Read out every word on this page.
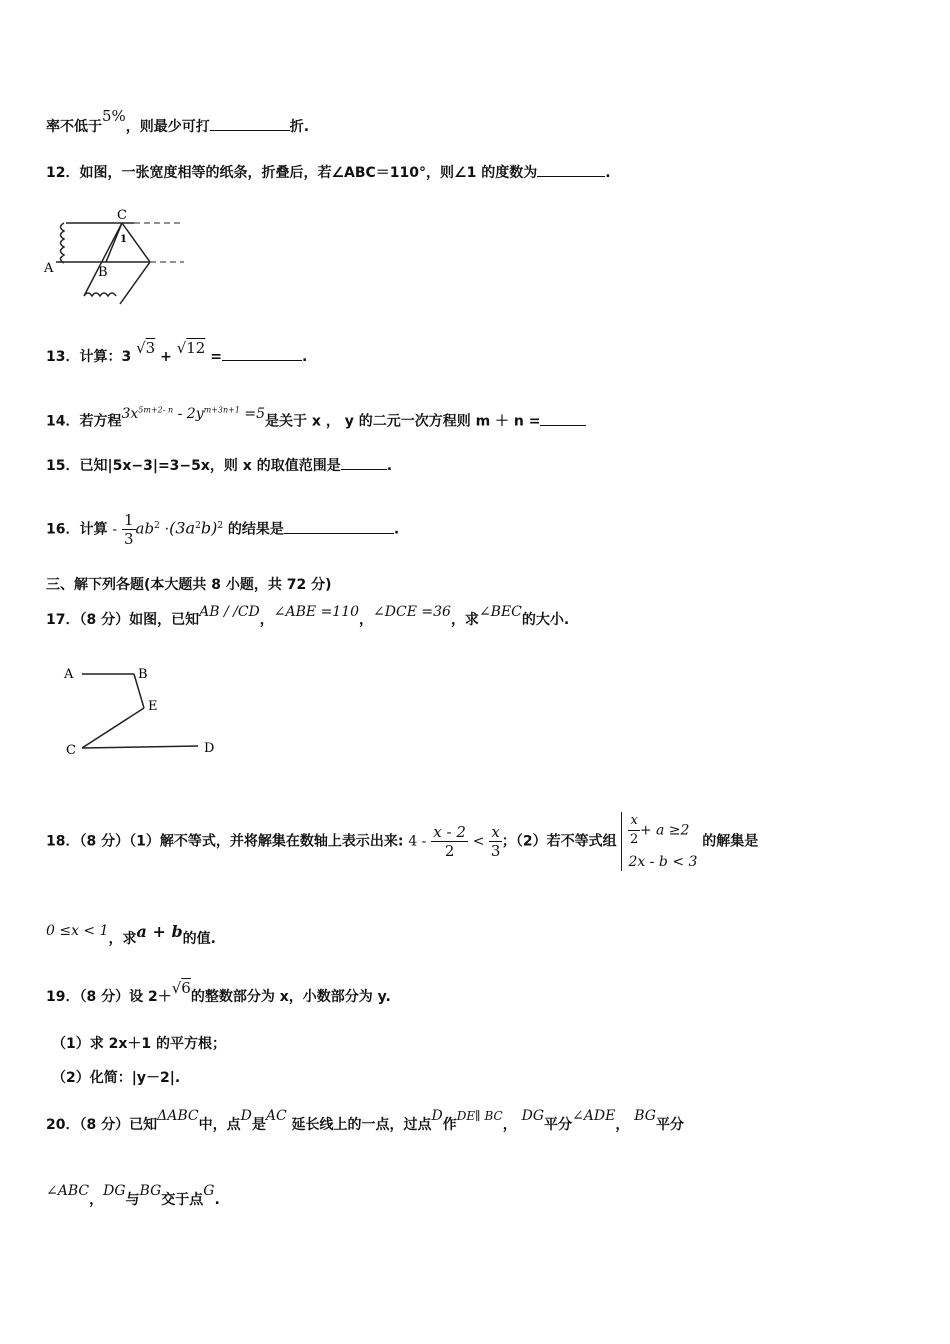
率不低于5%，则最少可打	折.
12．如图，一张宽度相等的纸条，折叠后，若∠ABC＝110°，则∠1 的度数为	.
C
1
A	B
13．计算：3 √3 + √12 =	.
14．若方程$3x^{5m+2- n} - 2y^{m+3n+1} =5$是关于 x ， y 的二元一次方程则 m ＋ n =
15．已知|5x−3|=3−5x，则 x 的取值范围是	.
16．计算 - $\frac{1}{3} ab^2 \cdot(3a^2b)^2$ 的结果是	.
三、解下列各题(本大题共 8 小题，共 72 分)
17．（8 分）如图，已知AB / /CD，∠ABE =110，∠DCE =36，求∠BEC的大小.
A	B
E
C	D
18．（8 分）（1）解不等式，并将解集在数轴上表示出来: $4 - \frac{x - 2}{2} < \frac{x}{3}$ ；（2）若不等式组 $\frac{x}{2} + a \ge 2$
2x - b < 3
的解集是
0 ≤x < 1，求a + b的值.
19．（8 分）设 2＋√6的整数部分为 x，小数部分为 y.
（1）求 2x＋1 的平方根；
（2）化简：|y－2|.
20．（8 分）已知ΔABC中，点D是AC 延长线上的一点，过点D作DE∥ BC， DG平分∠ADE， BG平分
∠ABC，DG与BG交于点G.
